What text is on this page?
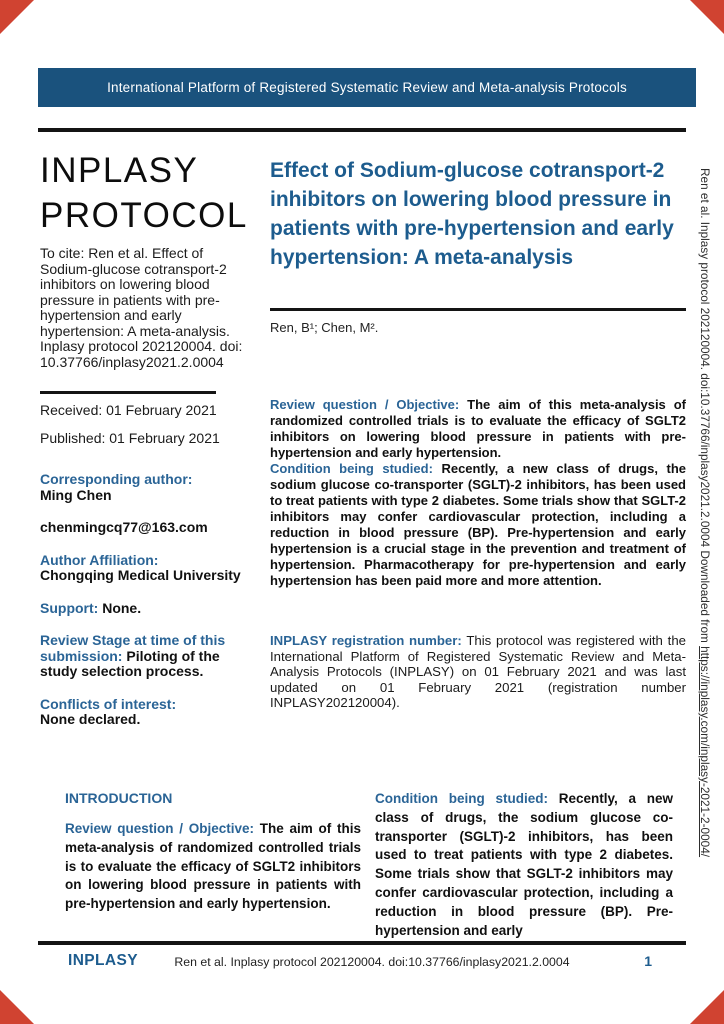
International Platform of Registered Systematic Review and Meta-analysis Protocols
INPLASY
PROTOCOL
To cite: Ren et al. Effect of Sodium-glucose cotransport-2 inhibitors on lowering blood pressure in patients with pre-hypertension and early hypertension: A meta-analysis. Inplasy protocol 202120004. doi: 10.37766/inplasy2021.2.0004
Received: 01 February 2021
Published: 01 February 2021
Corresponding author:
Ming Chen
chenmingcq77@163.com
Author Affiliation:
Chongqing Medical University
Support: None.
Review Stage at time of this submission: Piloting of the study selection process.
Conflicts of interest:
None declared.
Effect of Sodium-glucose cotransport-2 inhibitors on lowering blood pressure in patients with pre-hypertension and early hypertension: A meta-analysis
Ren, B¹; Chen, M².

Review question / Objective: The aim of this meta-analysis of randomized controlled trials is to evaluate the efficacy of SGLT2 inhibitors on lowering blood pressure in patients with pre-hypertension and early hypertension.

Condition being studied: Recently, a new class of drugs, the sodium glucose co-transporter (SGLT)-2 inhibitors, has been used to treat patients with type 2 diabetes. Some trials show that SGLT-2 inhibitors may confer cardiovascular protection, including a reduction in blood pressure (BP). Pre-hypertension and early hypertension is a crucial stage in the prevention and treatment of hypertension. Pharmacotherapy for pre-hypertension and early hypertension has been paid more and more attention.

INPLASY registration number: This protocol was registered with the International Platform of Registered Systematic Review and Meta-Analysis Protocols (INPLASY) on 01 February 2021 and was last updated on 01 February 2021 (registration number INPLASY202120004).

INTRODUCTION

Review question / Objective: The aim of this meta-analysis of randomized controlled trials is to evaluate the efficacy of SGLT2 inhibitors on lowering blood pressure in patients with pre-hypertension and early hypertension.

Condition being studied: Recently, a new class of drugs, the sodium glucose co-transporter (SGLT)-2 inhibitors, has been used to treat patients with type 2 diabetes. Some trials show that SGLT-2 inhibitors may confer cardiovascular protection, including a reduction in blood pressure (BP). Pre-hypertension and early

INPLASY	Ren et al. Inplasy protocol 202120004. doi:10.37766/inplasy2021.2.0004	1
Ren et al. Inplasy protocol 202120004. doi:10.37766/inplasy2021.2.0004 Downloaded from https://inplasy.com/inplasy-2021-2-0004/
